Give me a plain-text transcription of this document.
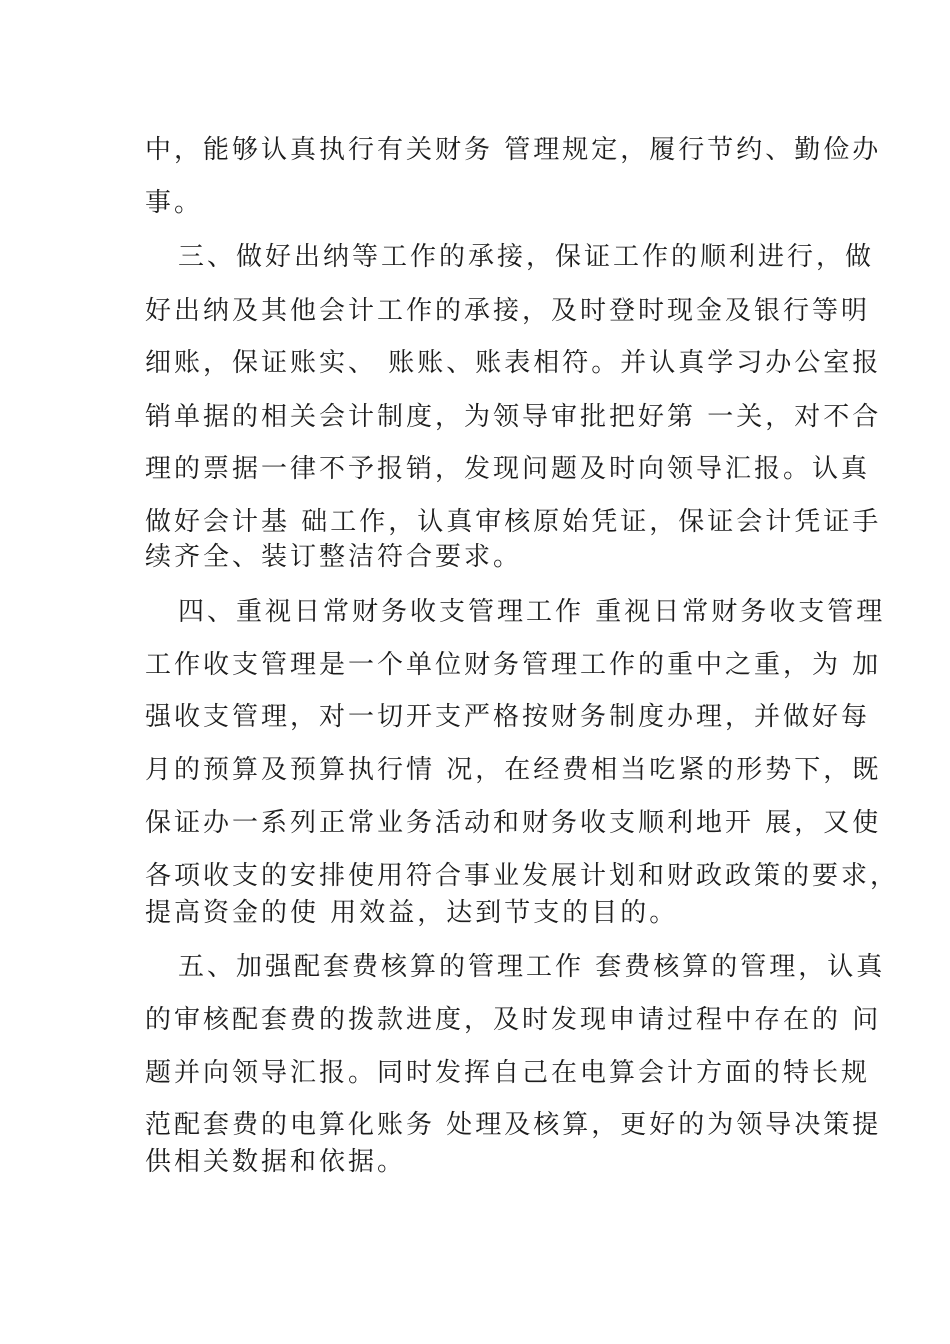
中，能够认真执行有关财务 管理规定，履行节约、勤俭办
事。
三、做好出纳等工作的承接，保证工作的顺利进行，做
好出纳及其他会计工作的承接，及时登时现金及银行等明
细账，保证账实、 账账、账表相符。并认真学习办公室报
销单据的相关会计制度，为领导审批把好第 一关，对不合
理的票据一律不予报销，发现问题及时向领导汇报。认真
做好会计基 础工作，认真审核原始凭证，保证会计凭证手
续齐全、装订整洁符合要求。
四、重视日常财务收支管理工作 重视日常财务收支管理
工作收支管理是一个单位财务管理工作的重中之重，为 加
强收支管理，对一切开支严格按财务制度办理，并做好每
月的预算及预算执行情 况，在经费相当吃紧的形势下，既
保证办一系列正常业务活动和财务收支顺利地开 展，又使
各项收支的安排使用符合事业发展计划和财政政策的要求，
提高资金的使 用效益，达到节支的目的。
五、加强配套费核算的管理工作 套费核算的管理，认真
的审核配套费的拨款进度，及时发现申请过程中存在的 问
题并向领导汇报。同时发挥自己在电算会计方面的特长规
范配套费的电算化账务 处理及核算，更好的为领导决策提
供相关数据和依据。
